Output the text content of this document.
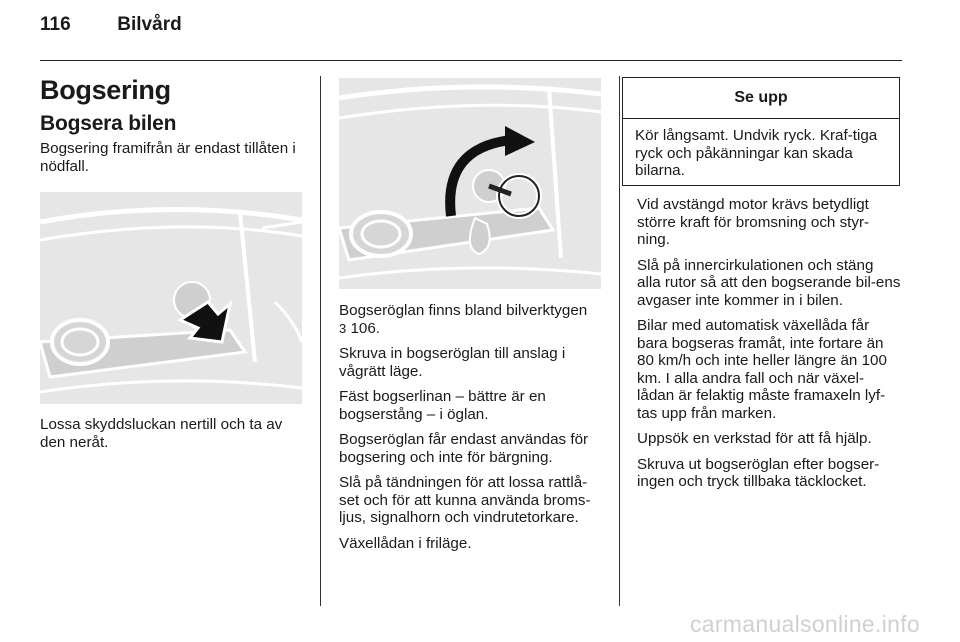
116 Bilvård
Bogsering
Bogsera bilen

Bogsering framifrån är endast tillåten i nödfall.

Lossa skyddsluckan nertill och ta av den neråt.

Bogseröglan finns bland bilverktygen
3 106.

Skruva in bogseröglan till anslag i vågrätt läge.

Fäst bogserlinan – bättre är en bogserstång – i öglan.

Bogseröglan får endast användas för bogsering och inte för bärgning.

Slå på tändningen för att lossa rattlå-set och för att kunna använda broms-ljus, signalhorn och vindrutetorkare.

Växellådan i friläge.

Se upp
Kör långsamt. Undvik ryck. Kraf-tiga ryck och påkänningar kan skada bilarna.

Vid avstängd motor krävs betydligt större kraft för bromsning och styr-ning.

Slå på innercirkulationen och stäng alla rutor så att den bogserande bil-ens avgaser inte kommer in i bilen.

Bilar med automatisk växellåda får bara bogseras framåt, inte fortare än 80 km/h och inte heller längre än 100 km. I alla andra fall och när växel-lådan är felaktig måste framaxeln lyf-tas upp från marken.

Uppsök en verkstad för att få hjälp.

Skruva ut bogseröglan efter bogser-ingen och tryck tillbaka täcklocket.

carmanualsonline.info
